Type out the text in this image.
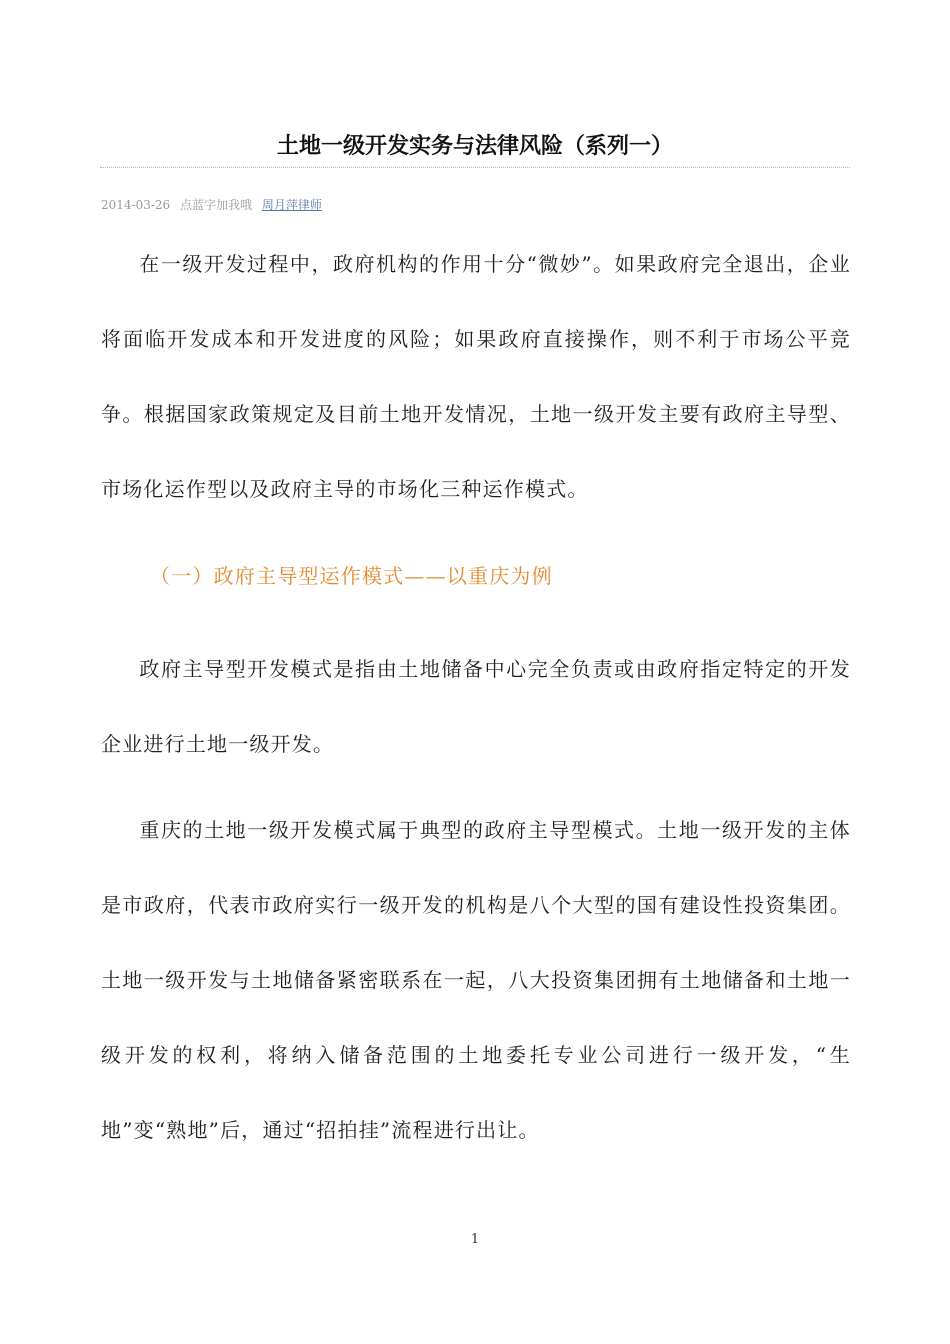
土地一级开发实务与法律风险（系列一）
2014-03-26 点蓝字加我哦 周月萍律师

在一级开发过程中，政府机构的作用十分“微妙”。如果政府完全退出，企业将面临开发成本和开发进度的风险；如果政府直接操作，则不利于市场公平竞争。根据国家政策规定及目前土地开发情况，土地一级开发主要有政府主导型、市场化运作型以及政府主导的市场化三种运作模式。

（一）政府主导型运作模式——以重庆为例

政府主导型开发模式是指由土地储备中心完全负责或由政府指定特定的开发企业进行土地一级开发。

重庆的土地一级开发模式属于典型的政府主导型模式。土地一级开发的主体是市政府，代表市政府实行一级开发的机构是八个大型的国有建设性投资集团。土地一级开发与土地储备紧密联系在一起，八大投资集团拥有土地储备和土地一级开发的权利，将纳入储备范围的土地委托专业公司进行一级开发，“生地”变“熟地”后，通过“招拍挂”流程进行出让。

1
